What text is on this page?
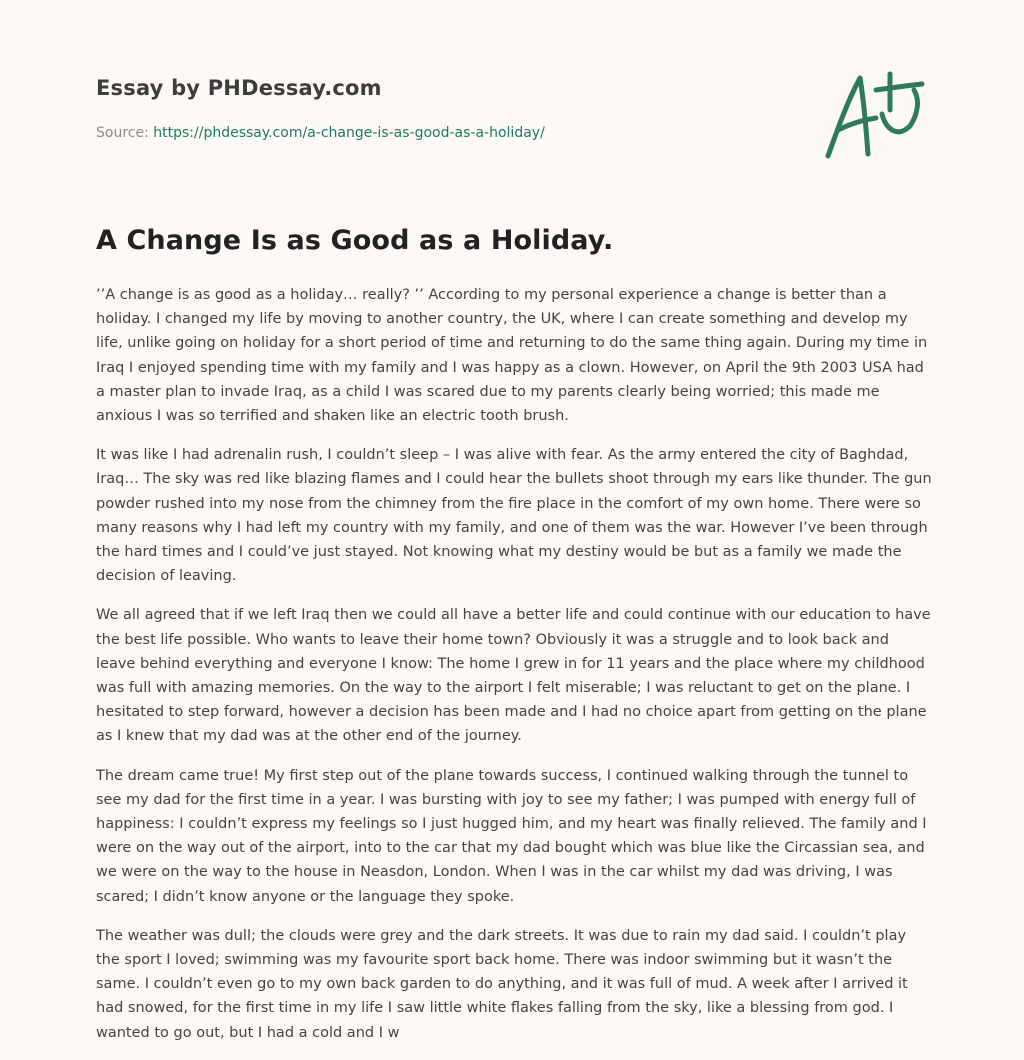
Essay by PHDessay.com
Source: https://phdessay.com/a-change-is-as-good-as-a-holiday/
A Change Is as Good as a Holiday.

’’A change is as good as a holiday… really? ’’ According to my personal experience a change is better than a holiday. I changed my life by moving to another country, the UK, where I can create something and develop my life, unlike going on holiday for a short period of time and returning to do the same thing again. During my time in Iraq I enjoyed spending time with my family and I was happy as a clown. However, on April the 9th 2003 USA had a master plan to invade Iraq, as a child I was scared due to my parents clearly being worried; this made me anxious I was so terrified and shaken like an electric tooth brush.

It was like I had adrenalin rush, I couldn’t sleep – I was alive with fear. As the army entered the city of Baghdad, Iraq… The sky was red like blazing flames and I could hear the bullets shoot through my ears like thunder. The gun powder rushed into my nose from the chimney from the fire place in the comfort of my own home. There were so many reasons why I had left my country with my family, and one of them was the war. However I’ve been through the hard times and I could’ve just stayed. Not knowing what my destiny would be but as a family we made the decision of leaving.

We all agreed that if we left Iraq then we could all have a better life and could continue with our education to have the best life possible. Who wants to leave their home town? Obviously it was a struggle and to look back and leave behind everything and everyone I know: The home I grew in for 11 years and the place where my childhood was full with amazing memories. On the way to the airport I felt miserable; I was reluctant to get on the plane. I hesitated to step forward, however a decision has been made and I had no choice apart from getting on the plane as I knew that my dad was at the other end of the journey.

The dream came true! My first step out of the plane towards success, I continued walking through the tunnel to see my dad for the first time in a year. I was bursting with joy to see my father; I was pumped with energy full of happiness: I couldn’t express my feelings so I just hugged him, and my heart was finally relieved. The family and I were on the way out of the airport, into to the car that my dad bought which was blue like the Circassian sea, and we were on the way to the house in Neasdon, London. When I was in the car whilst my dad was driving, I was scared; I didn’t know anyone or the language they spoke.

The weather was dull; the clouds were grey and the dark streets. It was due to rain my dad said. I couldn’t play the sport I loved; swimming was my favourite sport back home. There was indoor swimming but it wasn’t the same. I couldn’t even go to my own back garden to do anything, and it was full of mud. A week after I arrived it had snowed, for the first time in my life I saw little white flakes falling from the sky, like a blessing from god. I wanted to go out, but I had a cold and I w
